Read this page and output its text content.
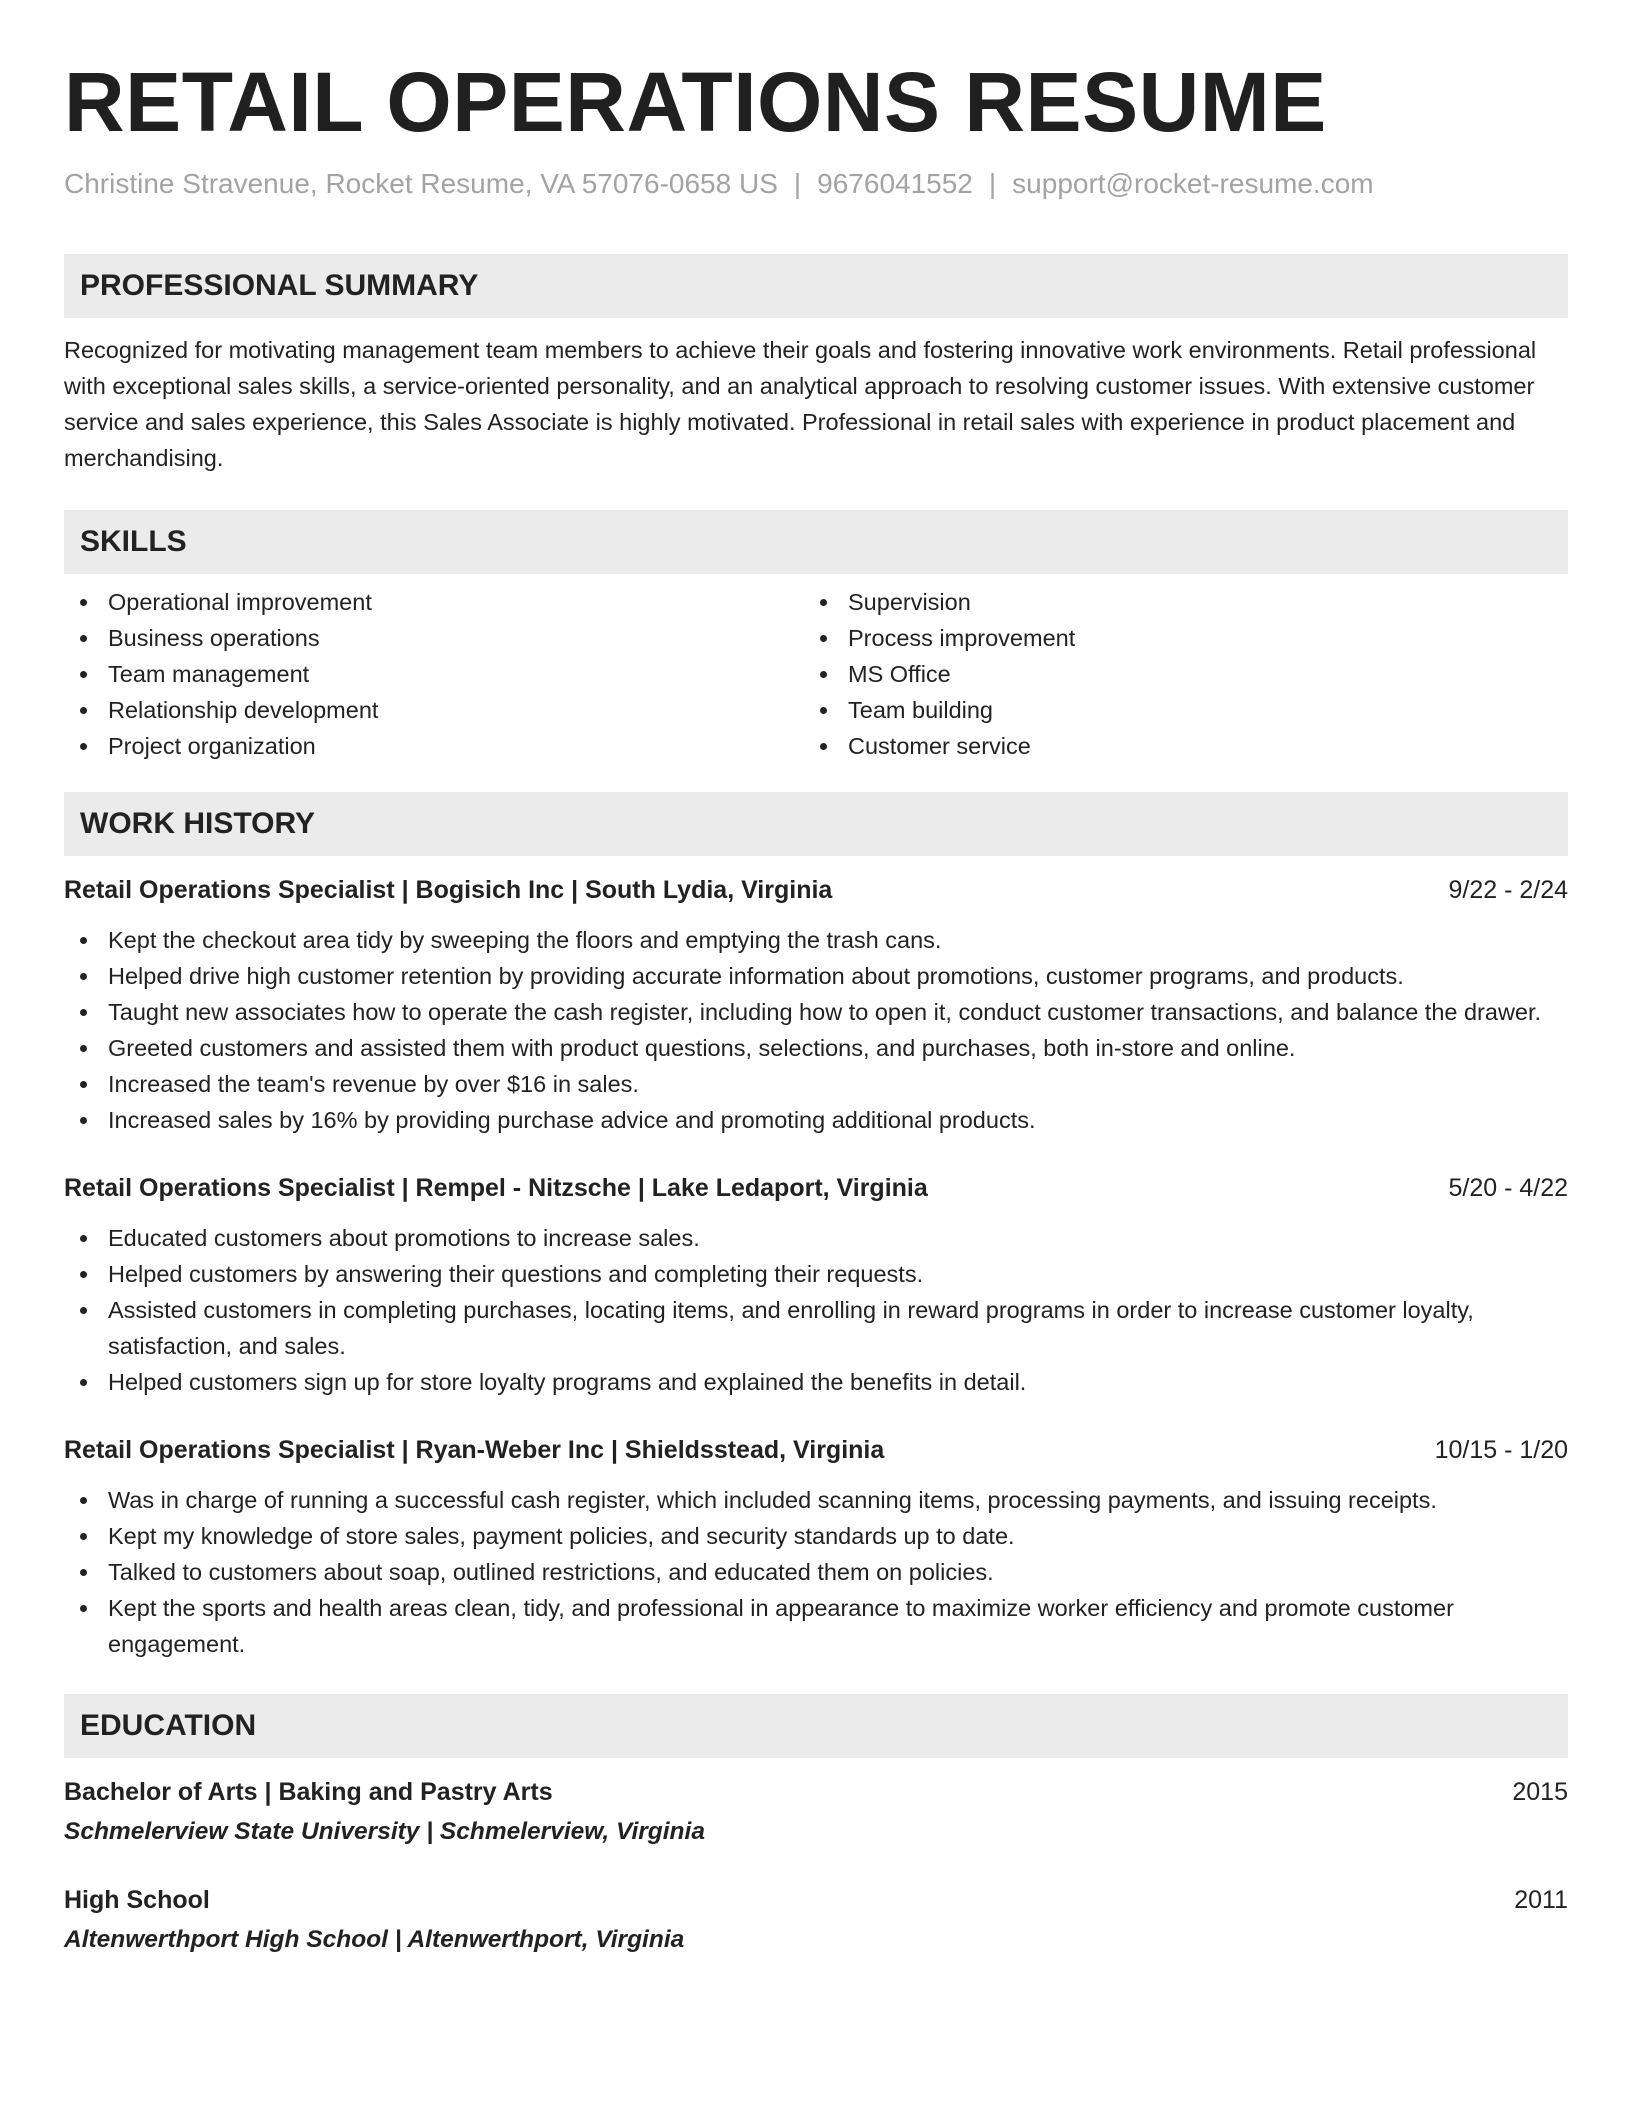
RETAIL OPERATIONS RESUME
Christine Stravenue, Rocket Resume, VA 57076-0658 US | 9676041552 | support@rocket-resume.com
PROFESSIONAL SUMMARY
Recognized for motivating management team members to achieve their goals and fostering innovative work environments. Retail professional with exceptional sales skills, a service-oriented personality, and an analytical approach to resolving customer issues. With extensive customer service and sales experience, this Sales Associate is highly motivated. Professional in retail sales with experience in product placement and merchandising.
SKILLS
Operational improvement
Business operations
Team management
Relationship development
Project organization
Supervision
Process improvement
MS Office
Team building
Customer service
WORK HISTORY
Retail Operations Specialist | Bogisich Inc | South Lydia, Virginia	9/22 - 2/24
Kept the checkout area tidy by sweeping the floors and emptying the trash cans.
Helped drive high customer retention by providing accurate information about promotions, customer programs, and products.
Taught new associates how to operate the cash register, including how to open it, conduct customer transactions, and balance the drawer.
Greeted customers and assisted them with product questions, selections, and purchases, both in-store and online.
Increased the team's revenue by over $16 in sales.
Increased sales by 16% by providing purchase advice and promoting additional products.
Retail Operations Specialist | Rempel - Nitzsche | Lake Ledaport, Virginia	5/20 - 4/22
Educated customers about promotions to increase sales.
Helped customers by answering their questions and completing their requests.
Assisted customers in completing purchases, locating items, and enrolling in reward programs in order to increase customer loyalty, satisfaction, and sales.
Helped customers sign up for store loyalty programs and explained the benefits in detail.
Retail Operations Specialist | Ryan-Weber Inc | Shieldsstead, Virginia	10/15 - 1/20
Was in charge of running a successful cash register, which included scanning items, processing payments, and issuing receipts.
Kept my knowledge of store sales, payment policies, and security standards up to date.
Talked to customers about soap, outlined restrictions, and educated them on policies.
Kept the sports and health areas clean, tidy, and professional in appearance to maximize worker efficiency and promote customer engagement.
EDUCATION
Bachelor of Arts | Baking and Pastry Arts	2015
Schmelerview State University | Schmelerview, Virginia
High School	2011
Altenwerthport High School | Altenwerthport, Virginia
